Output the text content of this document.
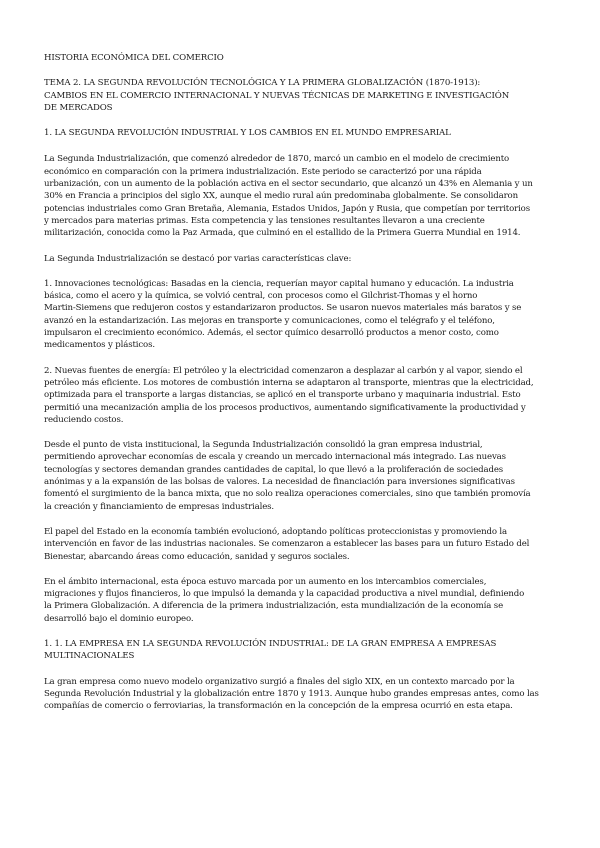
HISTORIA ECONÓMICA DEL COMERCIO
TEMA 2. LA SEGUNDA REVOLUCIÓN TECNOLÓGICA Y LA PRIMERA GLOBALIZACIÓN (1870-1913):
CAMBIOS EN EL COMERCIO INTERNACIONAL Y NUEVAS TÉCNICAS DE MARKETING E INVESTIGACIÓN
DE MERCADOS
1. LA SEGUNDA REVOLUCIÓN INDUSTRIAL Y LOS CAMBIOS EN EL MUNDO EMPRESARIAL
La Segunda Industrialización, que comenzó alrededor de 1870, marcó un cambio en el modelo de crecimiento
económico en comparación con la primera industrialización. Este periodo se caracterizó por una rápida
urbanización, con un aumento de la población activa en el sector secundario, que alcanzó un 43% en Alemania y un
30% en Francia a principios del siglo XX, aunque el medio rural aún predominaba globalmente. Se consolidaron
potencias industriales como Gran Bretaña, Alemania, Estados Unidos, Japón y Rusia, que competían por territorios
y mercados para materias primas. Esta competencia y las tensiones resultantes llevaron a una creciente
militarización, conocida como la Paz Armada, que culminó en el estallido de la Primera Guerra Mundial en 1914.
La Segunda Industrialización se destacó por varias características clave:
1. Innovaciones tecnológicas: Basadas en la ciencia, requerían mayor capital humano y educación. La industria
básica, como el acero y la química, se volvió central, con procesos como el Gilchrist-Thomas y el horno
Martin-Siemens que redujeron costos y estandarizaron productos. Se usaron nuevos materiales más baratos y se
avanzó en la estandarización. Las mejoras en transporte y comunicaciones, como el telégrafo y el teléfono,
impulsaron el crecimiento económico. Además, el sector químico desarrolló productos a menor costo, como
medicamentos y plásticos.
2. Nuevas fuentes de energía: El petróleo y la electricidad comenzaron a desplazar al carbón y al vapor, siendo el
petróleo más eficiente. Los motores de combustión interna se adaptaron al transporte, mientras que la electricidad,
optimizada para el transporte a largas distancias, se aplicó en el transporte urbano y maquinaria industrial. Esto
permitió una mecanización amplia de los procesos productivos, aumentando significativamente la productividad y
reduciendo costos.
Desde el punto de vista institucional, la Segunda Industrialización consolidó la gran empresa industrial,
permitiendo aprovechar economías de escala y creando un mercado internacional más integrado. Las nuevas
tecnologías y sectores demandan grandes cantidades de capital, lo que llevó a la proliferación de sociedades
anónimas y a la expansión de las bolsas de valores. La necesidad de financiación para inversiones significativas
fomentó el surgimiento de la banca mixta, que no solo realiza operaciones comerciales, sino que también promovía
la creación y financiamiento de empresas industriales.
El papel del Estado en la economía también evolucionó, adoptando políticas proteccionistas y promoviendo la
intervención en favor de las industrias nacionales. Se comenzaron a establecer las bases para un futuro Estado del
Bienestar, abarcando áreas como educación, sanidad y seguros sociales.
En el ámbito internacional, esta época estuvo marcada por un aumento en los intercambios comerciales,
migraciones y flujos financieros, lo que impulsó la demanda y la capacidad productiva a nivel mundial, definiendo
la Primera Globalización. A diferencia de la primera industrialización, esta mundialización de la economía se
desarrolló bajo el dominio europeo.
1. 1. LA EMPRESA EN LA SEGUNDA REVOLUCIÓN INDUSTRIAL: DE LA GRAN EMPRESA A EMPRESAS
MULTINACIONALES
La gran empresa como nuevo modelo organizativo surgió a finales del siglo XIX, en un contexto marcado por la
Segunda Revolución Industrial y la globalización entre 1870 y 1913. Aunque hubo grandes empresas antes, como las
compañías de comercio o ferroviarias, la transformación en la concepción de la empresa ocurrió en esta etapa.
